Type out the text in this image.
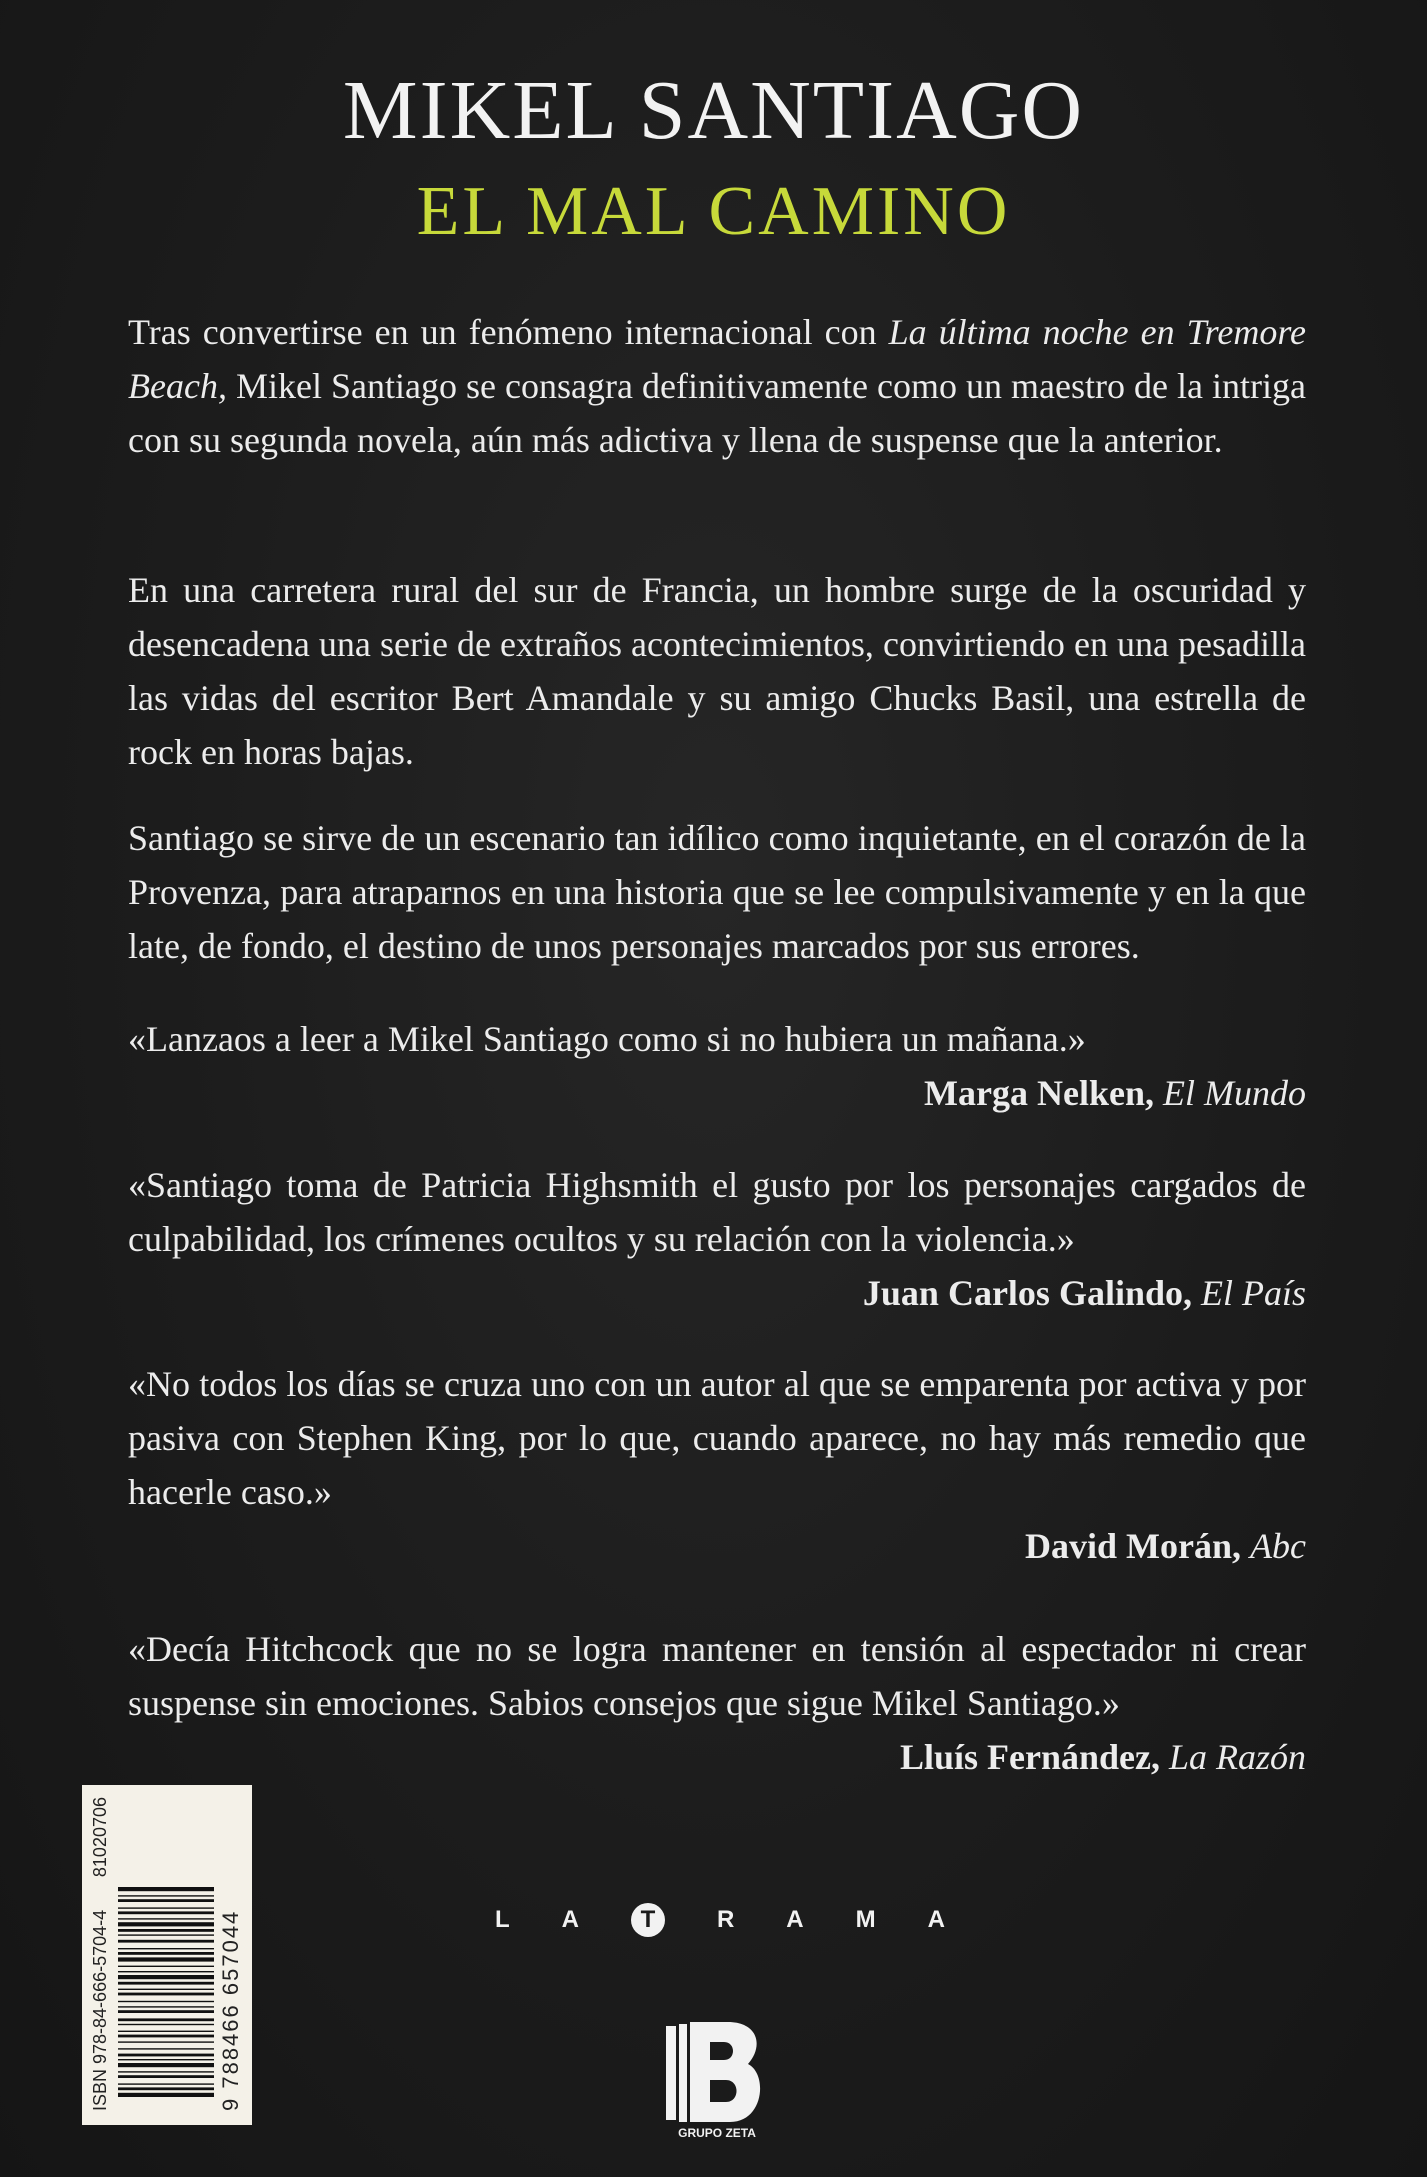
MIKEL SANTIAGO
EL MAL CAMINO

Tras convertirse en un fenómeno internacional con La última noche en Tremore Beach, Mikel Santiago se consagra definitivamente como un maestro de la intriga con su segunda novela, aún más adictiva y llena de suspense que la anterior.

En una carretera rural del sur de Francia, un hombre surge de la oscuridad y desencadena una serie de extraños acontecimientos, convirtiendo en una pesadilla las vidas del escritor Bert Amandale y su amigo Chucks Basil, una estrella de rock en horas bajas.

Santiago se sirve de un escenario tan idílico como inquietante, en el corazón de la Provenza, para atraparnos en una historia que se lee compulsivamente y en la que late, de fondo, el destino de unos personajes marcados por sus errores.

«Lanzaos a leer a Mikel Santiago como si no hubiera un mañana.»

Marga Nelken, El Mundo

«Santiago toma de Patricia Highsmith el gusto por los personajes cargados de culpabilidad, los crímenes ocultos y su relación con la violencia.»

Juan Carlos Galindo, El País

«No todos los días se cruza uno con un autor al que se emparenta por activa y por pasiva con Stephen King, por lo que, cuando aparece, no hay más remedio que hacerle caso.»

David Morán, Abc

«Decía Hitchcock que no se logra mantener en tensión al espectador ni crear suspense sin emociones. Sabios consejos que sigue Mikel Santiago.»

Lluís Fernández, La Razón

ISBN 978-84-666-5704-4
81020706
9 788466 657044	L A	T	R A M A
GRUPO ZETA
